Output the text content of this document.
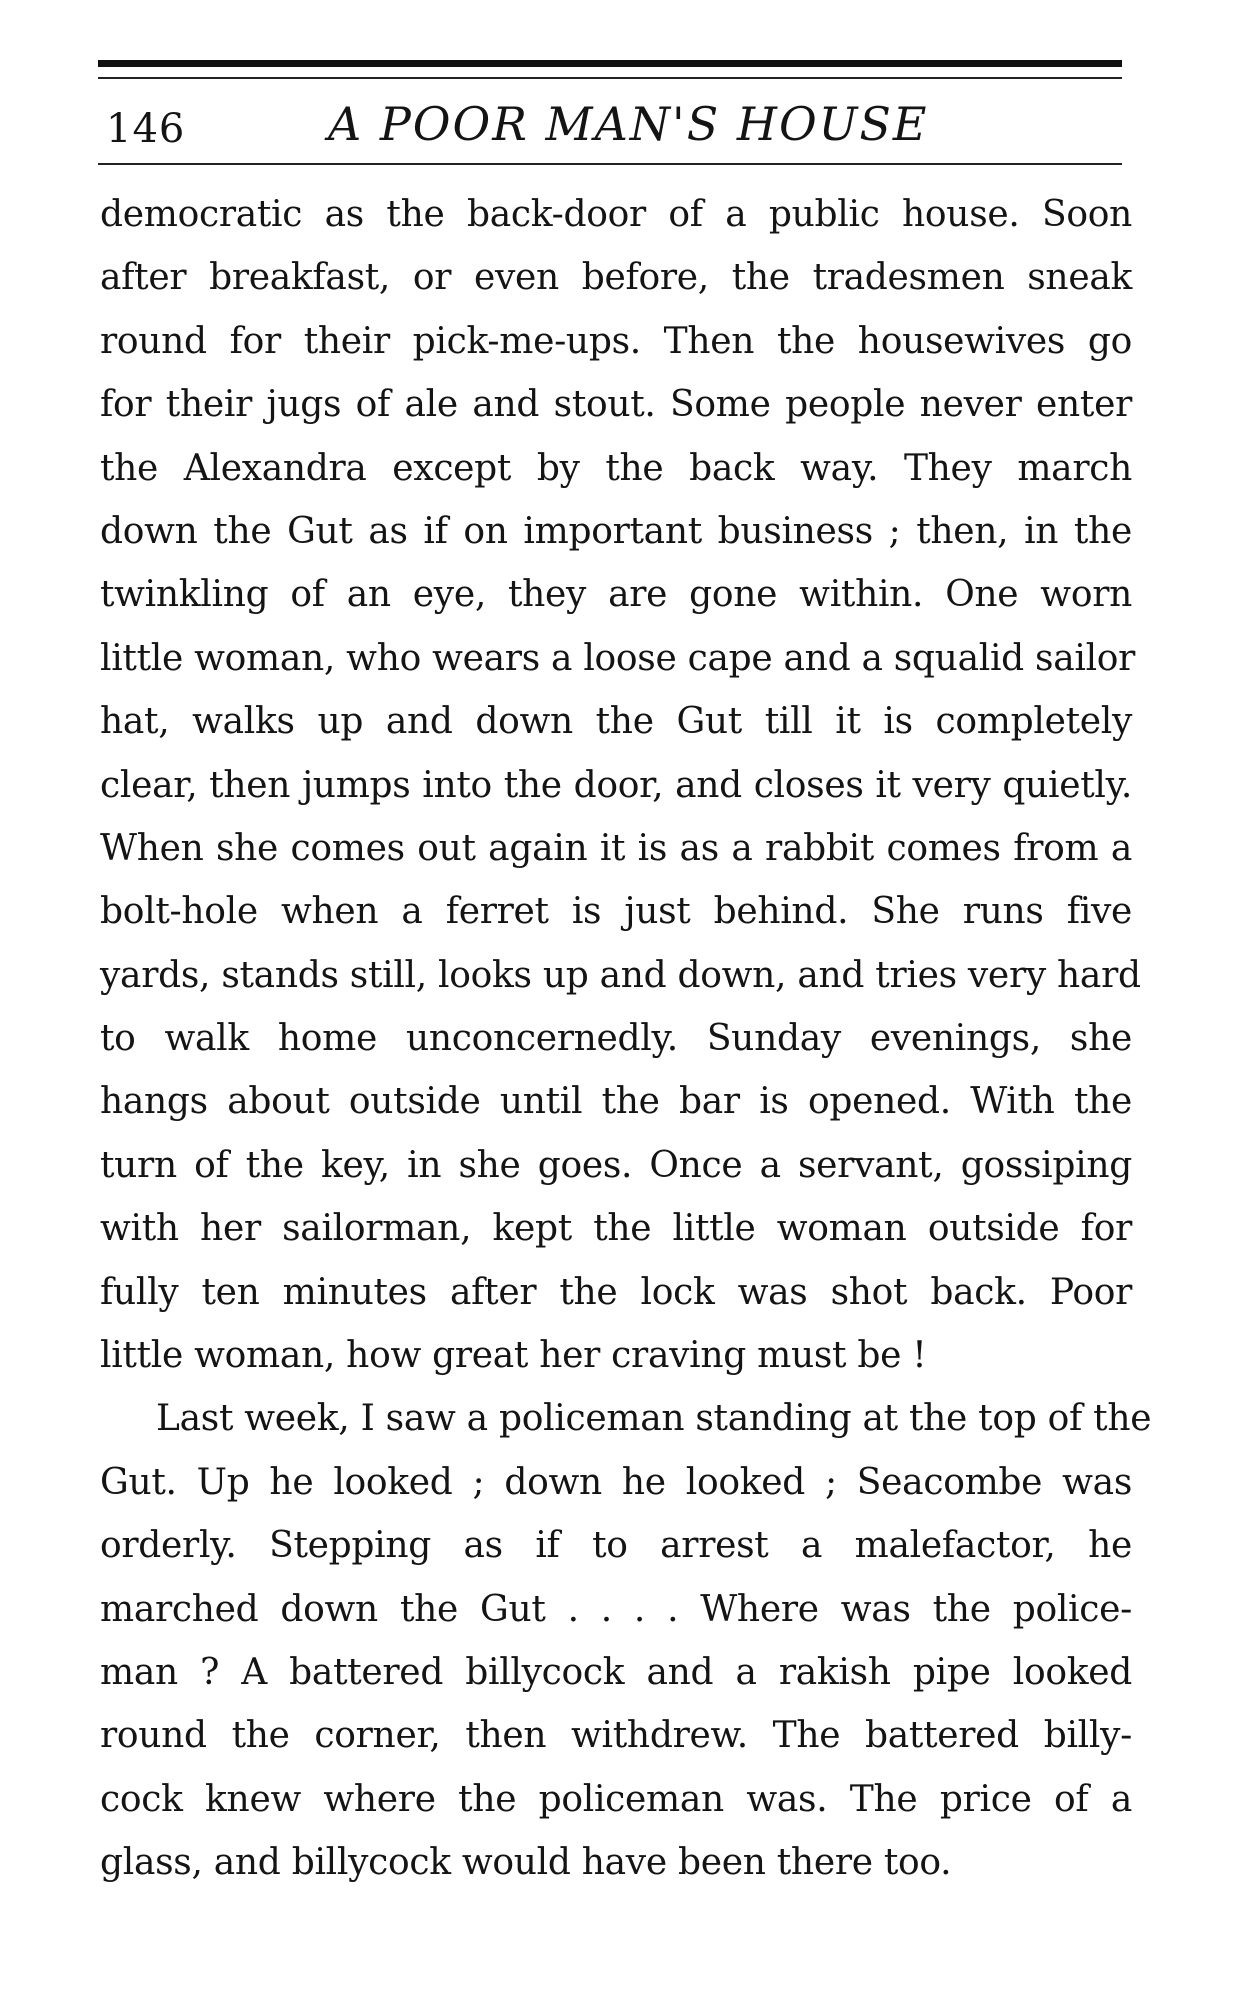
146	A POOR MAN'S HOUSE
democratic as the back-door of a public house. Soon
after breakfast, or even before, the tradesmen sneak
round for their pick-me-ups. Then the housewives go
for their jugs of ale and stout. Some people never enter
the Alexandra except by the back way. They march
down the Gut as if on important business ; then, in the
twinkling of an eye, they are gone within. One worn
little woman, who wears a loose cape and a squalid sailor
hat, walks up and down the Gut till it is completely
clear, then jumps into the door, and closes it very quietly.
When she comes out again it is as a rabbit comes from a
bolt-hole when a ferret is just behind. She runs five
yards, stands still, looks up and down, and tries very hard
to walk home unconcernedly. Sunday evenings, she
hangs about outside until the bar is opened. With the
turn of the key, in she goes. Once a servant, gossiping
with her sailorman, kept the little woman outside for
fully ten minutes after the lock was shot back. Poor
little woman, how great her craving must be !
Last week, I saw a policeman standing at the top of the
Gut. Up he looked ; down he looked ; Seacombe was
orderly. Stepping as if to arrest a malefactor, he
marched down the Gut . . . . Where was the police-
man ? A battered billycock and a rakish pipe looked
round the corner, then withdrew. The battered billy-
cock knew where the policeman was. The price of a
glass, and billycock would have been there too.
